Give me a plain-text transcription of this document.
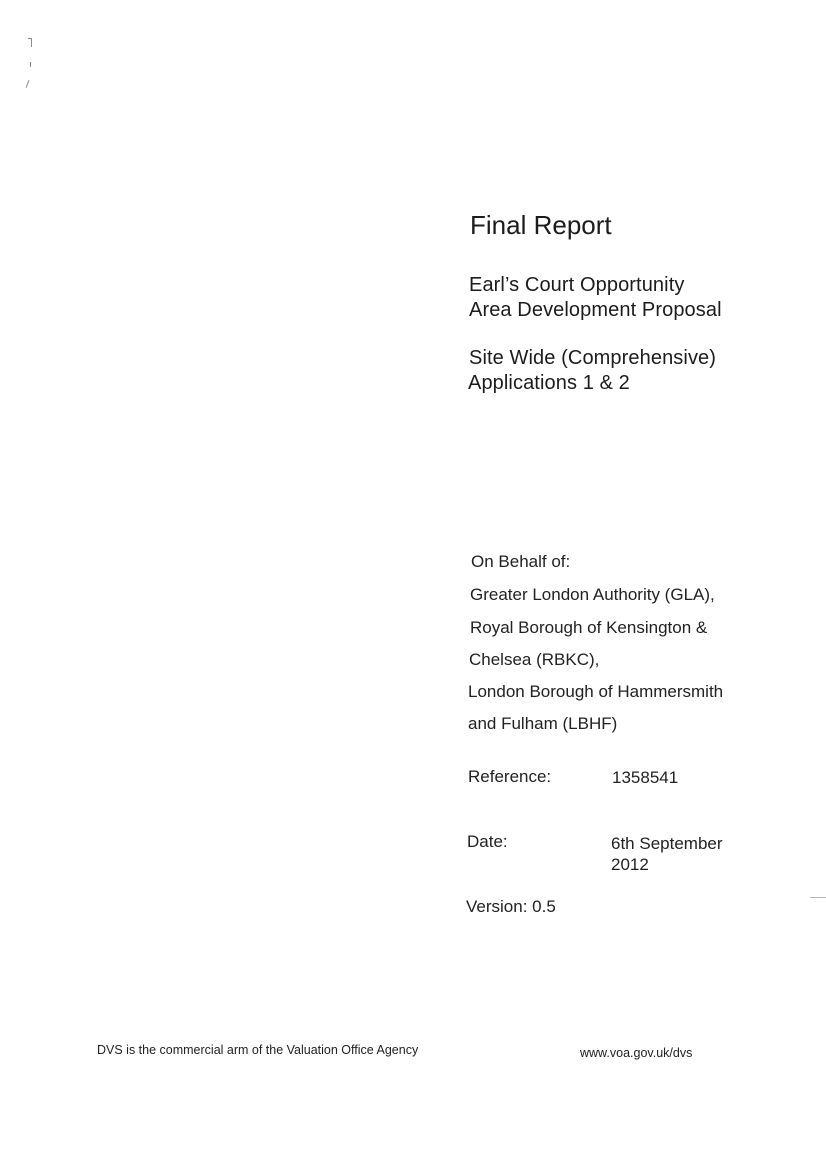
Final Report
Earl’s Court Opportunity
Area Development Proposal
Site Wide (Comprehensive)
Applications 1 & 2
On Behalf of:
Greater London Authority (GLA),
Royal Borough of Kensington &
Chelsea (RBKC),
London Borough of Hammersmith
and Fulham (LBHF)
Reference:	1358541
Date:	6th September
2012
Version: 0.5
DVS is the commercial arm of the Valuation Office Agency	www.voa.gov.uk/dvs
